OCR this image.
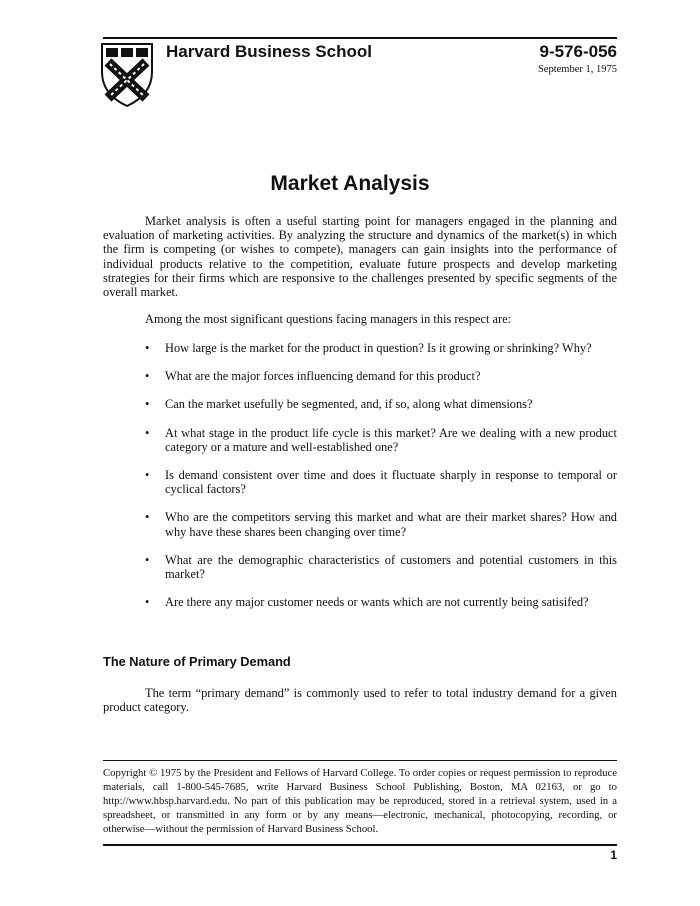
Harvard Business School	9-576-056
September 1, 1975
Market Analysis

Market analysis is often a useful starting point for managers engaged in the planning and evaluation of marketing activities. By analyzing the structure and dynamics of the market(s) in which the firm is competing (or wishes to compete), managers can gain insights into the performance of individual products relative to the competition, evaluate future prospects and develop marketing strategies for their firms which are responsive to the challenges presented by specific segments of the overall market.

Among the most significant questions facing managers in this respect are:

• How large is the market for the product in question? Is it growing or shrinking? Why?
• What are the major forces influencing demand for this product?
• Can the market usefully be segmented, and, if so, along what dimensions?
• At what stage in the product life cycle is this market? Are we dealing with a new product category or a mature and well-established one?
• Is demand consistent over time and does it fluctuate sharply in response to temporal or cyclical factors?
• Who are the competitors serving this market and what are their market shares? How and why have these shares been changing over time?
• What are the demographic characteristics of customers and potential customers in this market?
• Are there any major customer needs or wants which are not currently being satisifed?
The Nature of Primary Demand

The term “primary demand” is commonly used to refer to total industry demand for a given product category.

Copyright © 1975 by the President and Fellows of Harvard College. To order copies or request permission to reproduce materials, call 1-800-545-7685, write Harvard Business School Publishing, Boston, MA 02163, or go to http://www.hbsp.harvard.edu. No part of this publication may be reproduced, stored in a retrieval system, used in a spreadsheet, or transmitted in any form or by any means—electronic, mechanical, photocopying, recording, or otherwise—without the permission of Harvard Business School.

1
